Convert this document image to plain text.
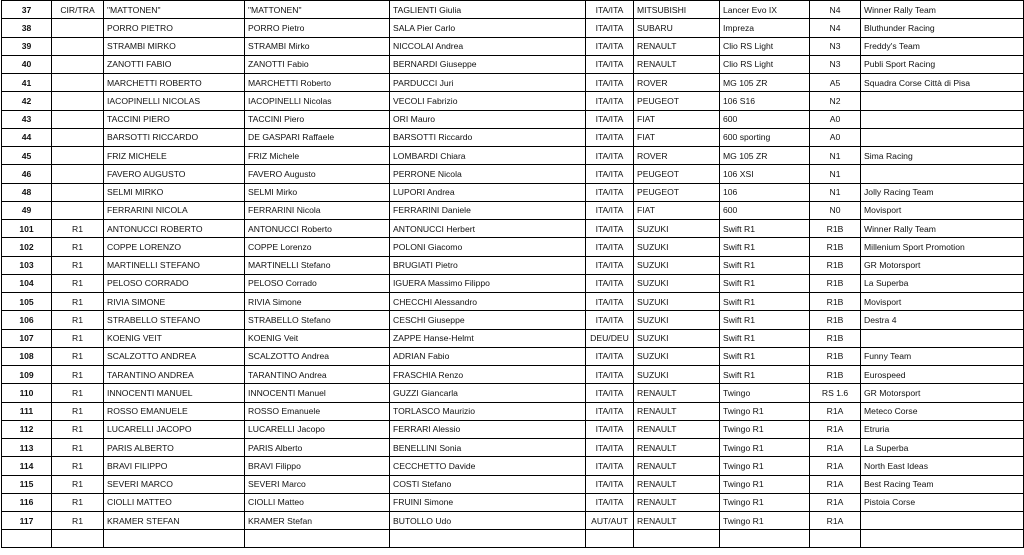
37	CIR/TRA	"MATTONEN"	"MATTONEN"	TAGLIENTI Giulia	ITA/ITA	MITSUBISHI	Lancer Evo IX	N4	Winner Rally Team
38		PORRO PIETRO	PORRO Pietro	SALA Pier Carlo	ITA/ITA	SUBARU	Impreza	N4	Bluthunder Racing
39		STRAMBI MIRKO	STRAMBI Mirko	NICCOLAI Andrea	ITA/ITA	RENAULT	Clio RS Light	N3	Freddy's Team
40		ZANOTTI FABIO	ZANOTTI Fabio	BERNARDI Giuseppe	ITA/ITA	RENAULT	Clio RS Light	N3	Publi Sport Racing
41		MARCHETTI ROBERTO	MARCHETTI Roberto	PARDUCCI Juri	ITA/ITA	ROVER	MG 105 ZR	A5	Squadra Corse Città di Pisa
42		IACOPINELLI NICOLAS	IACOPINELLI Nicolas	VECOLI Fabrizio	ITA/ITA	PEUGEOT	106 S16	N2	
43		TACCINI PIERO	TACCINI Piero	ORI Mauro	ITA/ITA	FIAT	600	A0	
44		BARSOTTI RICCARDO	DE GASPARI Raffaele	BARSOTTI Riccardo	ITA/ITA	FIAT	600 sporting	A0	
45		FRIZ MICHELE	FRIZ Michele	LOMBARDI Chiara	ITA/ITA	ROVER	MG 105 ZR	N1	Sima Racing
46		FAVERO AUGUSTO	FAVERO Augusto	PERRONE Nicola	ITA/ITA	PEUGEOT	106 XSI	N1	
48		SELMI MIRKO	SELMI Mirko	LUPORI Andrea	ITA/ITA	PEUGEOT	106	N1	Jolly Racing Team
49		FERRARINI NICOLA	FERRARINI Nicola	FERRARINI Daniele	ITA/ITA	FIAT	600	N0	Movisport
101	R1	ANTONUCCI ROBERTO	ANTONUCCI Roberto	ANTONUCCI Herbert	ITA/ITA	SUZUKI	Swift R1	R1B	Winner Rally Team
102	R1	COPPE LORENZO	COPPE Lorenzo	POLONI Giacomo	ITA/ITA	SUZUKI	Swift R1	R1B	Millenium Sport Promotion
103	R1	MARTINELLI STEFANO	MARTINELLI Stefano	BRUGIATI Pietro	ITA/ITA	SUZUKI	Swift R1	R1B	GR Motorsport
104	R1	PELOSO CORRADO	PELOSO Corrado	IGUERA Massimo Filippo	ITA/ITA	SUZUKI	Swift R1	R1B	La Superba
105	R1	RIVIA SIMONE	RIVIA Simone	CHECCHI Alessandro	ITA/ITA	SUZUKI	Swift R1	R1B	Movisport
106	R1	STRABELLO STEFANO	STRABELLO Stefano	CESCHI Giuseppe	ITA/ITA	SUZUKI	Swift R1	R1B	Destra 4
107	R1	KOENIG VEIT	KOENIG Veit	ZAPPE Hanse-Helmt	DEU/DEU	SUZUKI	Swift R1	R1B	
108	R1	SCALZOTTO ANDREA	SCALZOTTO Andrea	ADRIAN Fabio	ITA/ITA	SUZUKI	Swift R1	R1B	Funny Team
109	R1	TARANTINO ANDREA	TARANTINO Andrea	FRASCHIA Renzo	ITA/ITA	SUZUKI	Swift R1	R1B	Eurospeed
110	R1	INNOCENTI MANUEL	INNOCENTI Manuel	GUZZI Giancarla	ITA/ITA	RENAULT	Twingo	RS 1.6	GR Motorsport
111	R1	ROSSO EMANUELE	ROSSO Emanuele	TORLASCO Maurizio	ITA/ITA	RENAULT	Twingo R1	R1A	Meteco Corse
112	R1	LUCARELLI JACOPO	LUCARELLI Jacopo	FERRARI Alessio	ITA/ITA	RENAULT	Twingo R1	R1A	Etruria
113	R1	PARIS ALBERTO	PARIS Alberto	BENELLINI Sonia	ITA/ITA	RENAULT	Twingo R1	R1A	La Superba
114	R1	BRAVI FILIPPO	BRAVI Filippo	CECCHETTO Davide	ITA/ITA	RENAULT	Twingo R1	R1A	North East Ideas
115	R1	SEVERI MARCO	SEVERI Marco	COSTI Stefano	ITA/ITA	RENAULT	Twingo R1	R1A	Best Racing Team
116	R1	CIOLLI MATTEO	CIOLLI Matteo	FRUINI Simone	ITA/ITA	RENAULT	Twingo R1	R1A	Pistoia Corse
117	R1	KRAMER STEFAN	KRAMER Stefan	BUTOLLO Udo	AUT/AUT	RENAULT	Twingo R1	R1A	
